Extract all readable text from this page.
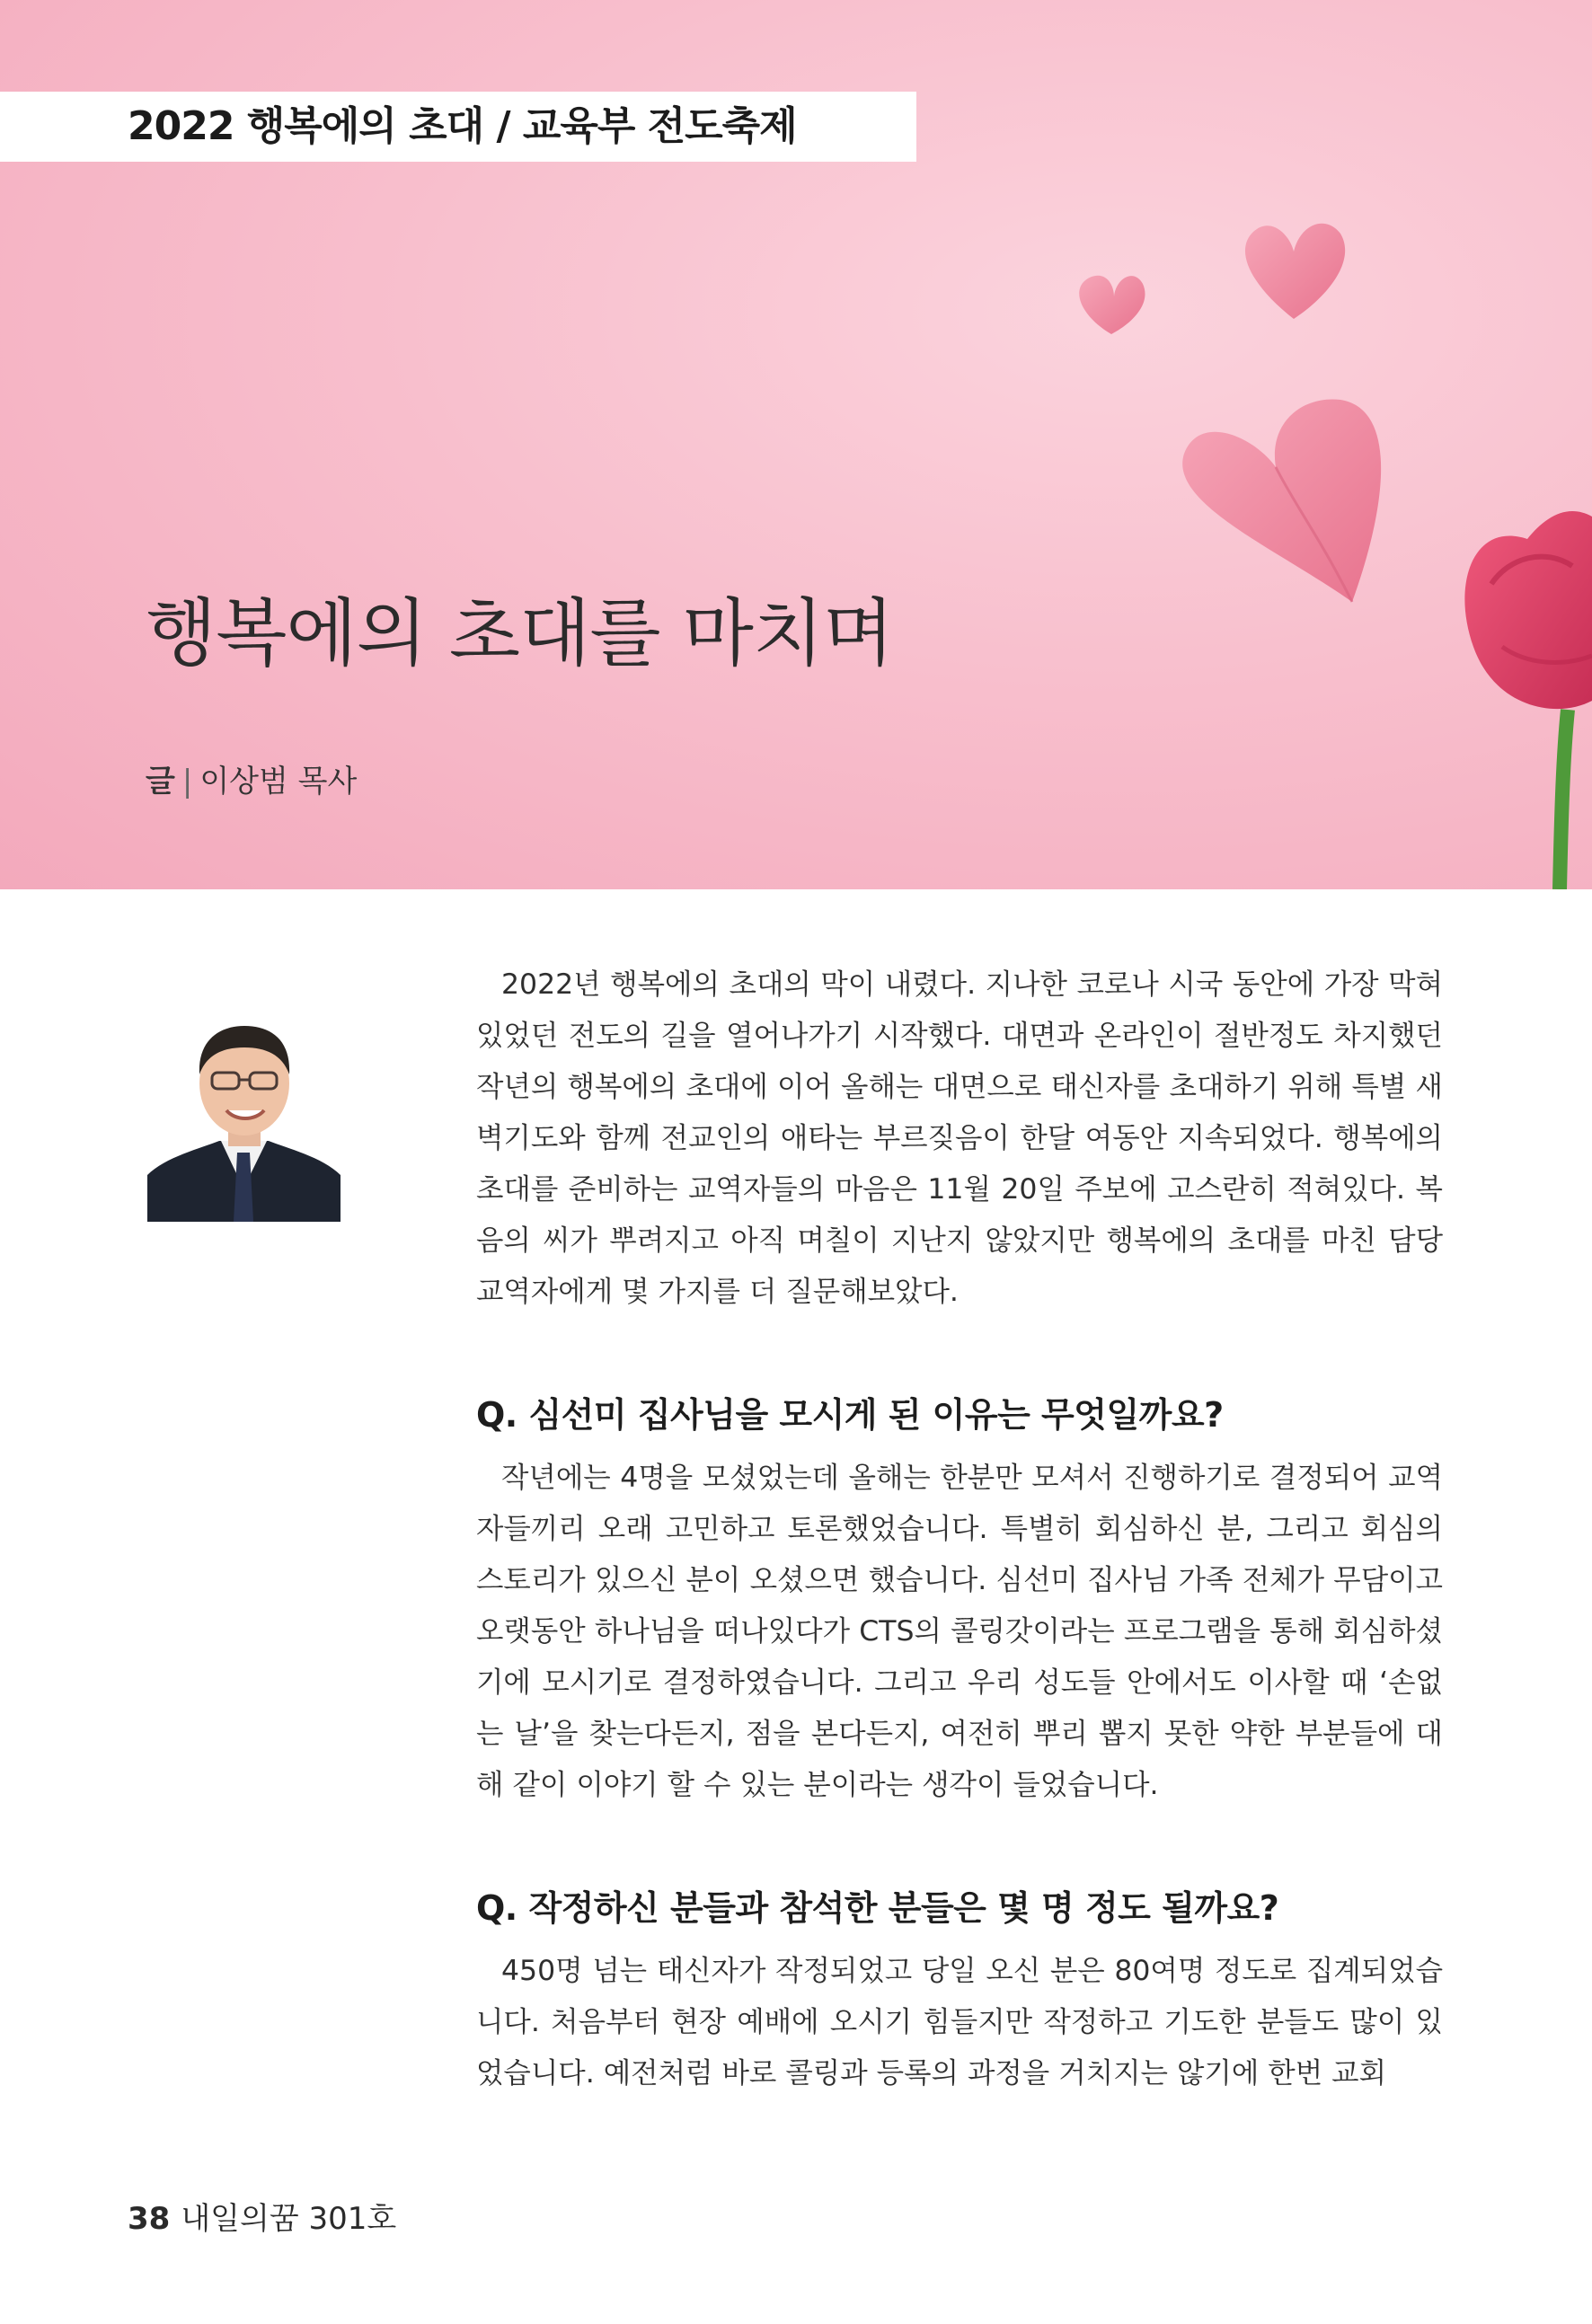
2022 행복에의 초대 / 교육부 전도축제
행복에의 초대를 마치며
글 | 이상범 목사

2022년 행복에의 초대의 막이 내렸다. 지나한 코로나 시국 동안에 가장 막혀 있었던 전도의 길을 열어나가기 시작했다. 대면과 온라인이 절반정도 차지했던 작년의 행복에의 초대에 이어 올해는 대면으로 태신자를 초대하기 위해 특별 새벽기도와 함께 전교인의 애타는 부르짖음이 한달 여동안 지속되었다. 행복에의 초대를 준비하는 교역자들의 마음은 11월 20일 주보에 고스란히 적혀있다. 복음의 씨가 뿌려지고 아직 며칠이 지난지 않았지만 행복에의 초대를 마친 담당 교역자에게 몇 가지를 더 질문해보았다.

Q. 심선미 집사님을 모시게 된 이유는 무엇일까요?

작년에는 4명을 모셨었는데 올해는 한분만 모셔서 진행하기로 결정되어 교역자들끼리 오래 고민하고 토론했었습니다. 특별히 회심하신 분, 그리고 회심의 스토리가 있으신 분이 오셨으면 했습니다. 심선미 집사님 가족 전체가 무담이고 오랫동안 하나님을 떠나있다가 CTS의 콜링갓이라는 프로그램을 통해 회심하셨기에 모시기로 결정하였습니다. 그리고 우리 성도들 안에서도 이사할 때 ‘손없는 날’을 찾는다든지, 점을 본다든지, 여전히 뿌리 뽑지 못한 약한 부분들에 대해 같이 이야기 할 수 있는 분이라는 생각이 들었습니다.

Q. 작정하신 분들과 참석한 분들은 몇 명 정도 될까요?

450명 넘는 태신자가 작정되었고 당일 오신 분은 80여명 정도로 집계되었습니다. 처음부터 현장 예배에 오시기 힘들지만 작정하고 기도한 분들도 많이 있었습니다. 예전처럼 바로 콜링과 등록의 과정을 거치지는 않기에 한번 교회

38 내일의꿈 301호
